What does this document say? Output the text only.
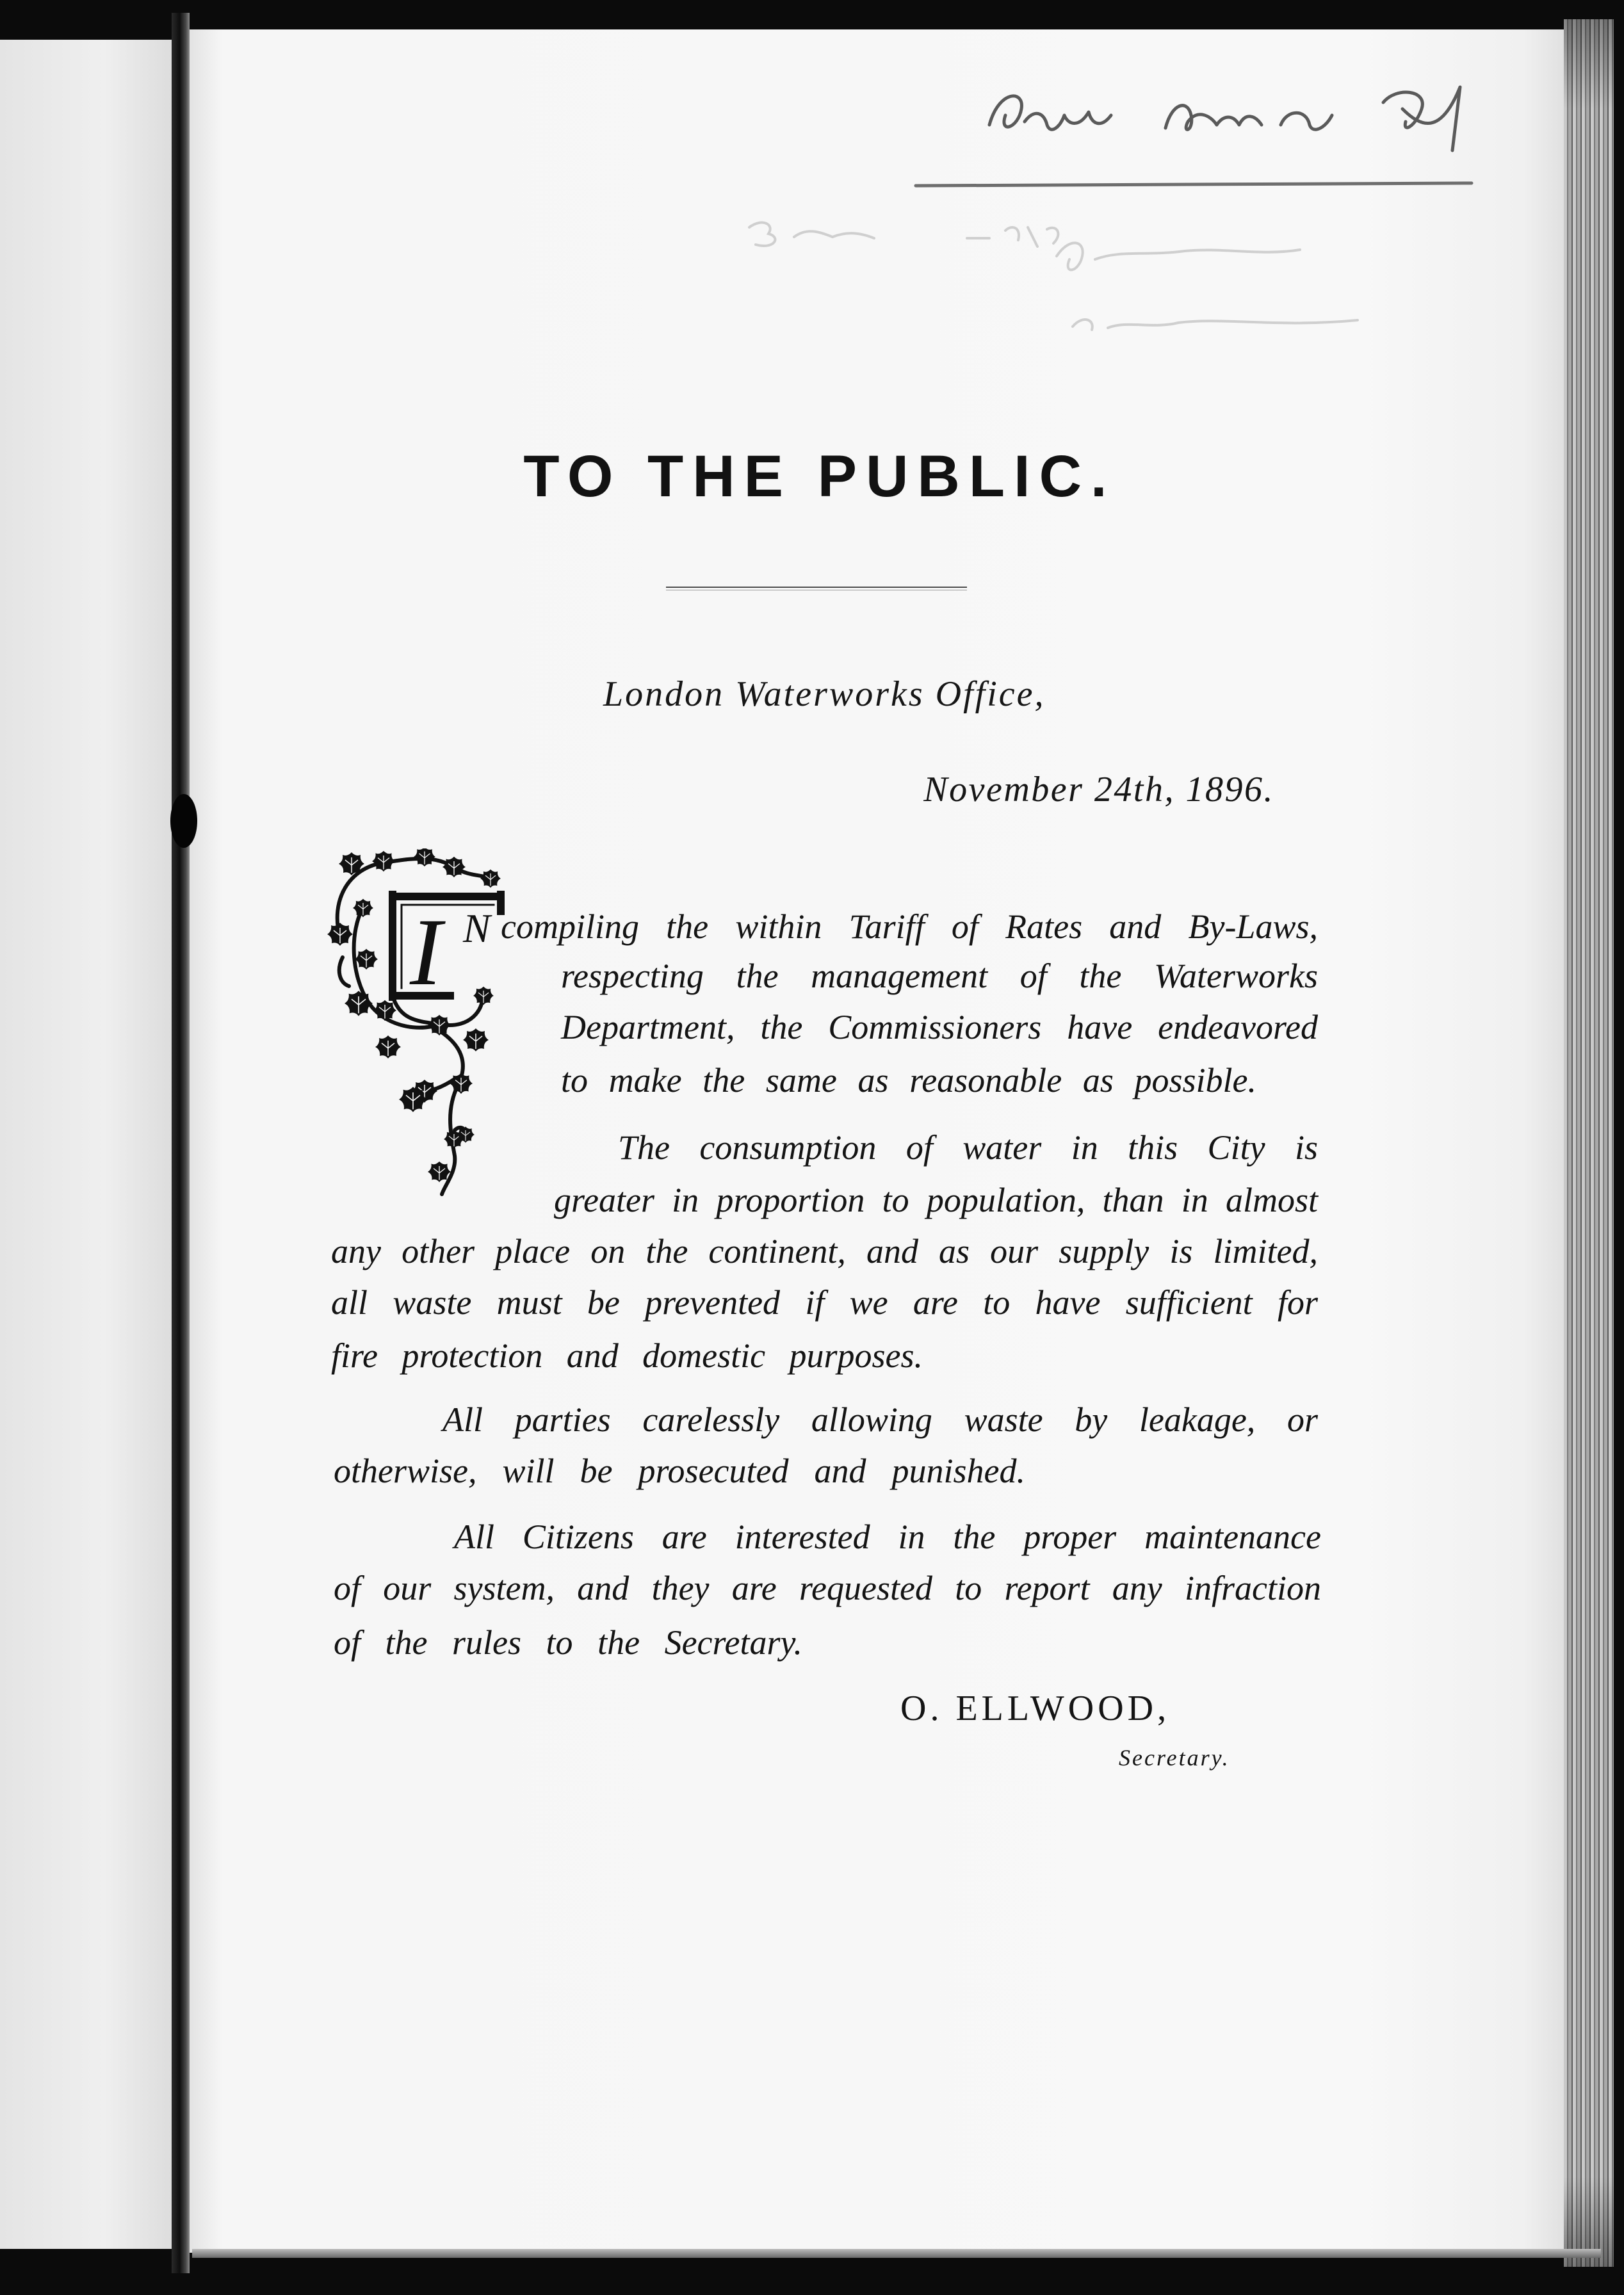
TO THE PUBLIC.
London Waterworks Office,
November 24th, 1896.
I N compiling the within Tariff of Rates and By-Laws,
respecting the management of the Waterworks
Department, the Commissioners have endeavored
to make the same as reasonable as possible.
The consumption of water in this City is
greater in proportion to population, than in almost
any other place on the continent, and as our supply is limited,
all waste must be prevented if we are to have sufficient for
fire protection and domestic purposes.
All parties carelessly allowing waste by leakage, or
otherwise, will be prosecuted and punished.
All Citizens are interested in the proper maintenance
of our system, and they are requested to report any infraction
of the rules to the Secretary.
O. ELLWOOD,
Secretary.
